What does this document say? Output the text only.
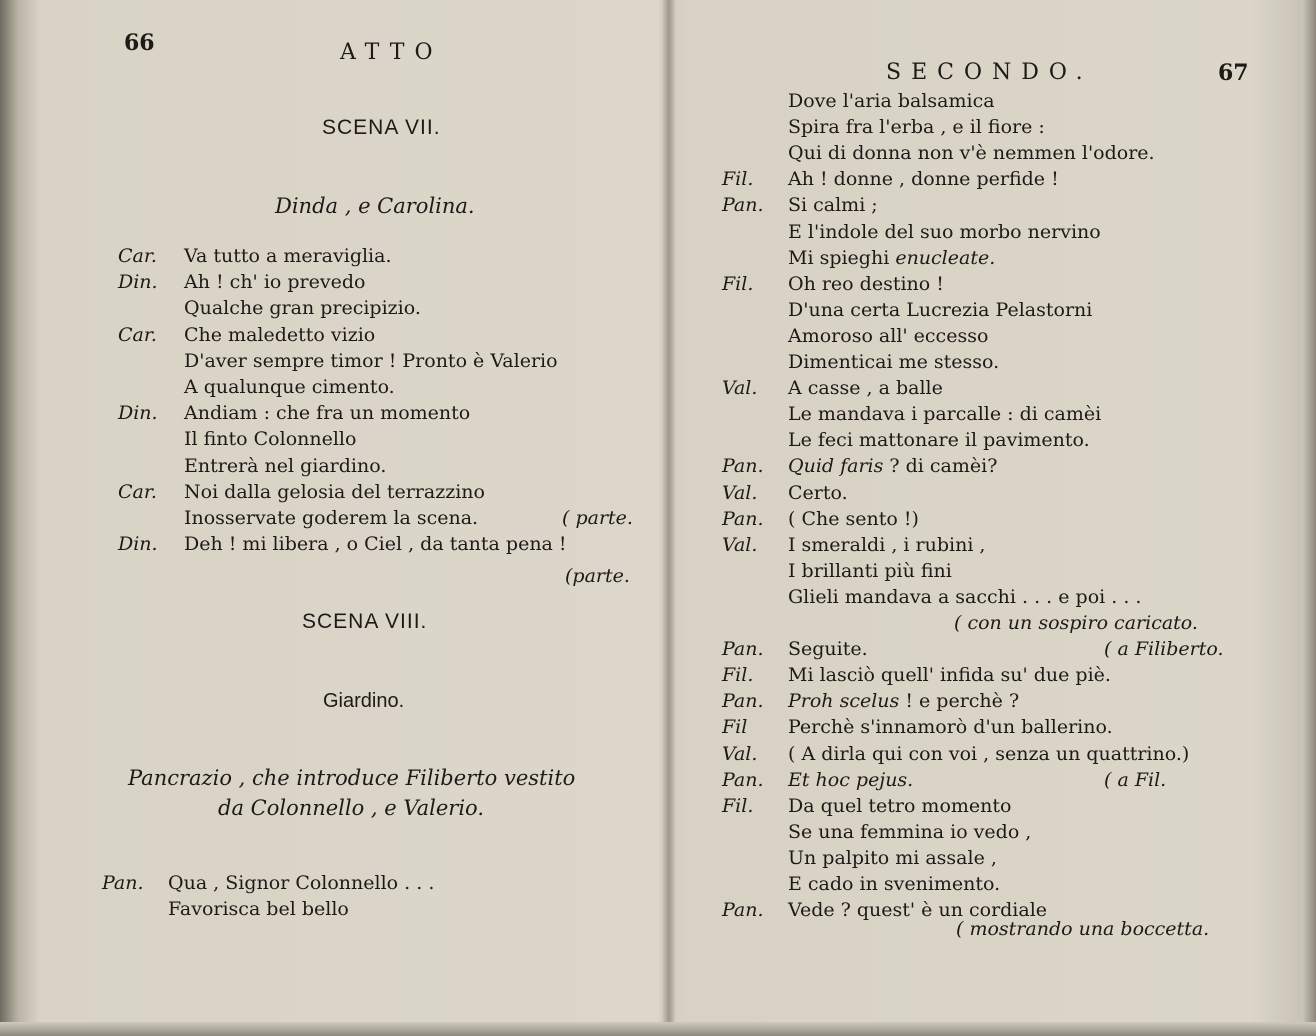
66	ATTO
SCENA VII.
Dinda , e Carolina.
Car. Va tutto a meraviglia.
Din. Ah ! ch' io prevedo
Qualche gran precipizio.
Car. Che maledetto vizio
D'aver sempre timor ! Pronto è Valerio
A qualunque cimento.
Din. Andiam : che fra un momento
Il finto Colonnello
Entrerà nel giardino.
Car. Noi dalla gelosia del terrazzino
Inosservate goderem la scena.	( parte.
Din. Deh ! mi libera , o Ciel , da tanta pena !
(parte.
SCENA VIII.
Giardino.
Pancrazio , che introduce Filiberto vestito
da Colonnello , e Valerio.
Pan. Qua , Signor Colonnello . . .
Favorisca bel bello
SECONDO.	67
Dove l'aria balsamica
Spira fra l'erba , e il fiore :
Qui di donna non v'è nemmen l'odore.
Fil. Ah ! donne , donne perfide !
Pan. Si calmi ;
E l'indole del suo morbo nervino
Mi spieghi enucleate.
Fil. Oh reo destino !
D'una certa Lucrezia Pelastorni
Amoroso all' eccesso
Dimenticai me stesso.
Val. A casse , a balle
Le mandava i parcalle : di camèi
Le feci mattonare il pavimento.
Pan. Quid faris ? di camèi?
Val. Certo.
Pan. ( Che sento !)
Val. I smeraldi , i rubini ,
I brillanti più fini
Glieli mandava a sacchi . . . e poi . . .
( con un sospiro caricato.
Pan. Seguite.	( a Filiberto.
Fil. Mi lasciò quell' infida su' due piè.
Pan. Proh scelus ! e perchè ?
Fil Perchè s'innamorò d'un ballerino.
Val. ( A dirla qui con voi , senza un quattrino.)
Pan. Et hoc pejus.	( a Fil.
Fil. Da quel tetro momento
Se una femmina io vedo ,
Un palpito mi assale ,
E cado in svenimento.
Pan. Vede ? quest' è un cordiale
( mostrando una boccetta.
